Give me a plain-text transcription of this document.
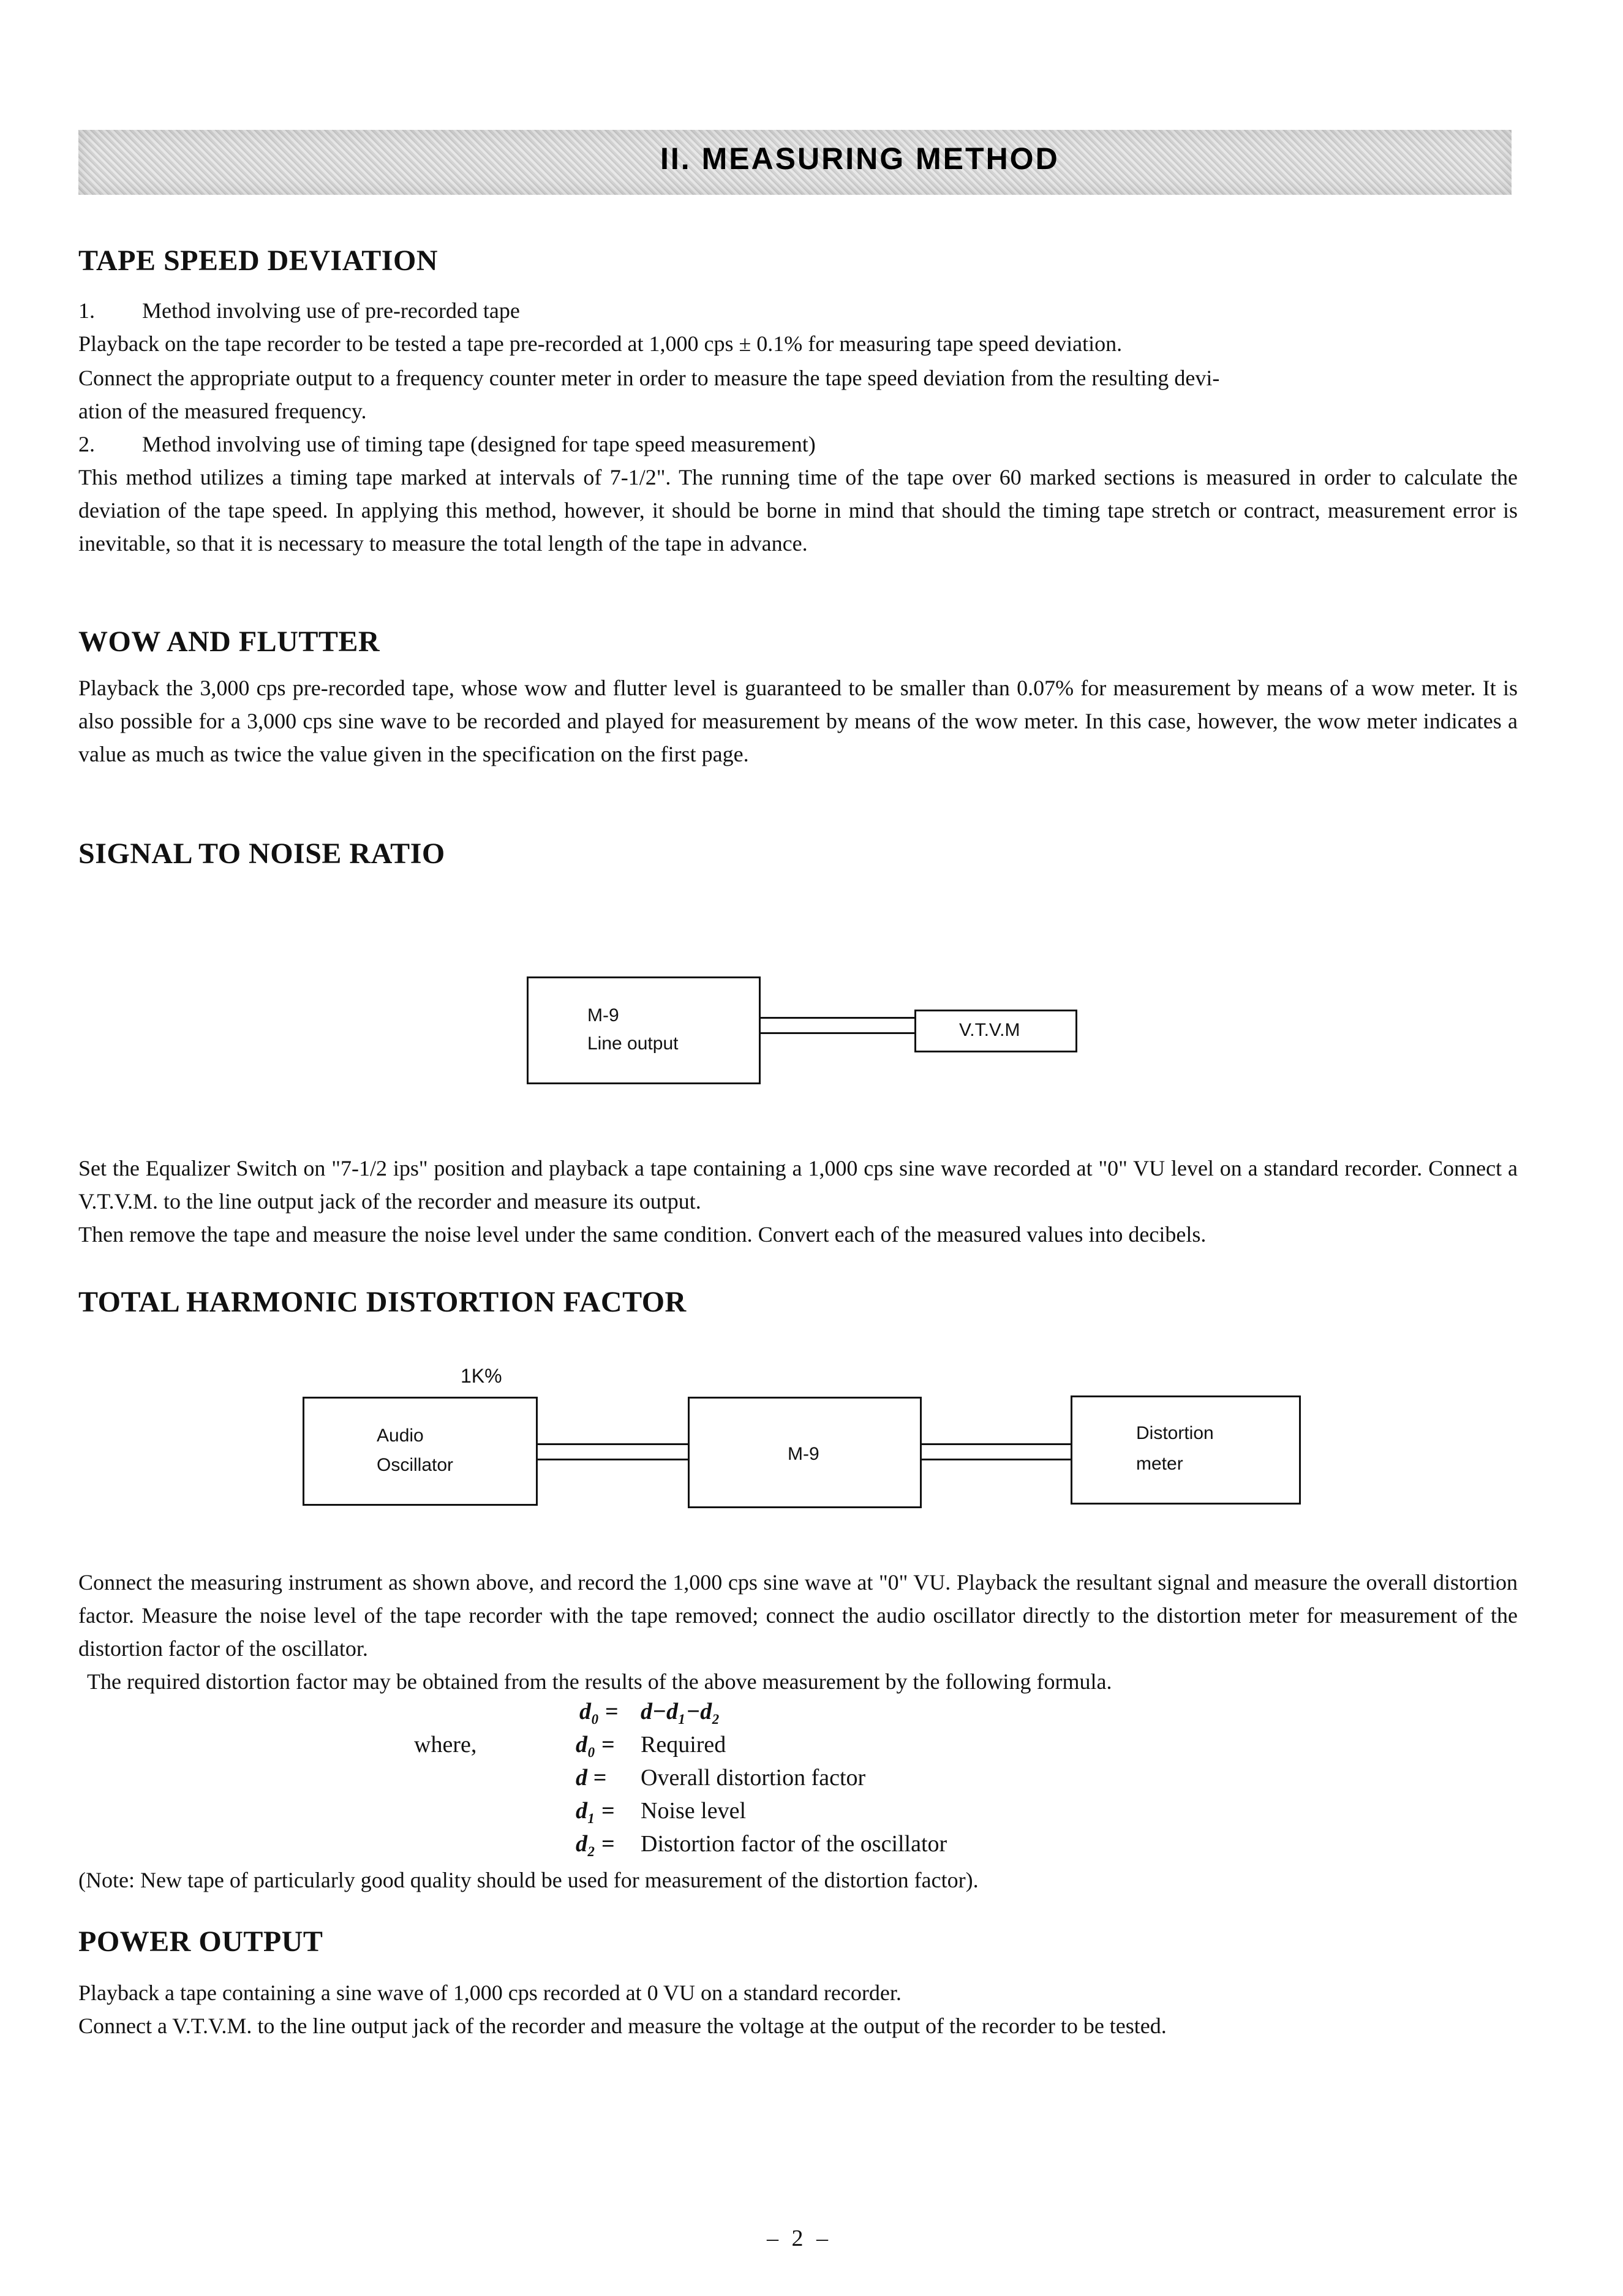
II. MEASURING METHOD
TAPE SPEED DEVIATION
1. Method involving use of pre-recorded tape
Playback on the tape recorder to be tested a tape pre-recorded at 1,000 cps ± 0.1% for measuring tape speed deviation.
Connect the appropriate output to a frequency counter meter in order to measure the tape speed deviation from the resulting devi-
ation of the measured frequency.
2. Method involving use of timing tape (designed for tape speed measurement)
This method utilizes a timing tape marked at intervals of 7-1/2". The running time of the tape over 60 marked sections is measured in order to calculate the deviation of the tape speed. In applying this method, however, it should be borne in mind that should the timing tape stretch or contract, measurement error is inevitable, so that it is necessary to measure the total length of the tape in advance.
WOW AND FLUTTER
Playback the 3,000 cps pre-recorded tape, whose wow and flutter level is guaranteed to be smaller than 0.07% for measurement by means of a wow meter. It is also possible for a 3,000 cps sine wave to be recorded and played for measurement by means of the wow meter. In this case, however, the wow meter indicates a value as much as twice the value given in the specification on the first page.
SIGNAL TO NOISE RATIO
M-9
Line output
V.T.V.M
Set the Equalizer Switch on "7-1/2 ips" position and playback a tape containing a 1,000 cps sine wave recorded at "0" VU level on a standard recorder. Connect a V.T.V.M. to the line output jack of the recorder and measure its output.
Then remove the tape and measure the noise level under the same condition. Convert each of the measured values into decibels.
TOTAL HARMONIC DISTORTION FACTOR
1K%
Audio
Oscillator
M-9
Distortion
meter
Connect the measuring instrument as shown above, and record the 1,000 cps sine wave at "0" VU. Playback the resultant signal and measure the overall distortion factor. Measure the noise level of the tape recorder with the tape removed; connect the audio oscillator directly to the distortion meter for measurement of the distortion factor of the oscillator.
The required distortion factor may be obtained from the results of the above measurement by the following formula.
d₀ = d−d₁−d₂
where,	d₀ = Required
d = Overall distortion factor
d₁ = Noise level
d₂ = Distortion factor of the oscillator
(Note: New tape of particularly good quality should be used for measurement of the distortion factor).
POWER OUTPUT
Playback a tape containing a sine wave of 1,000 cps recorded at 0 VU on a standard recorder.
Connect a V.T.V.M. to the line output jack of the recorder and measure the voltage at the output of the recorder to be tested.
– 2 –
